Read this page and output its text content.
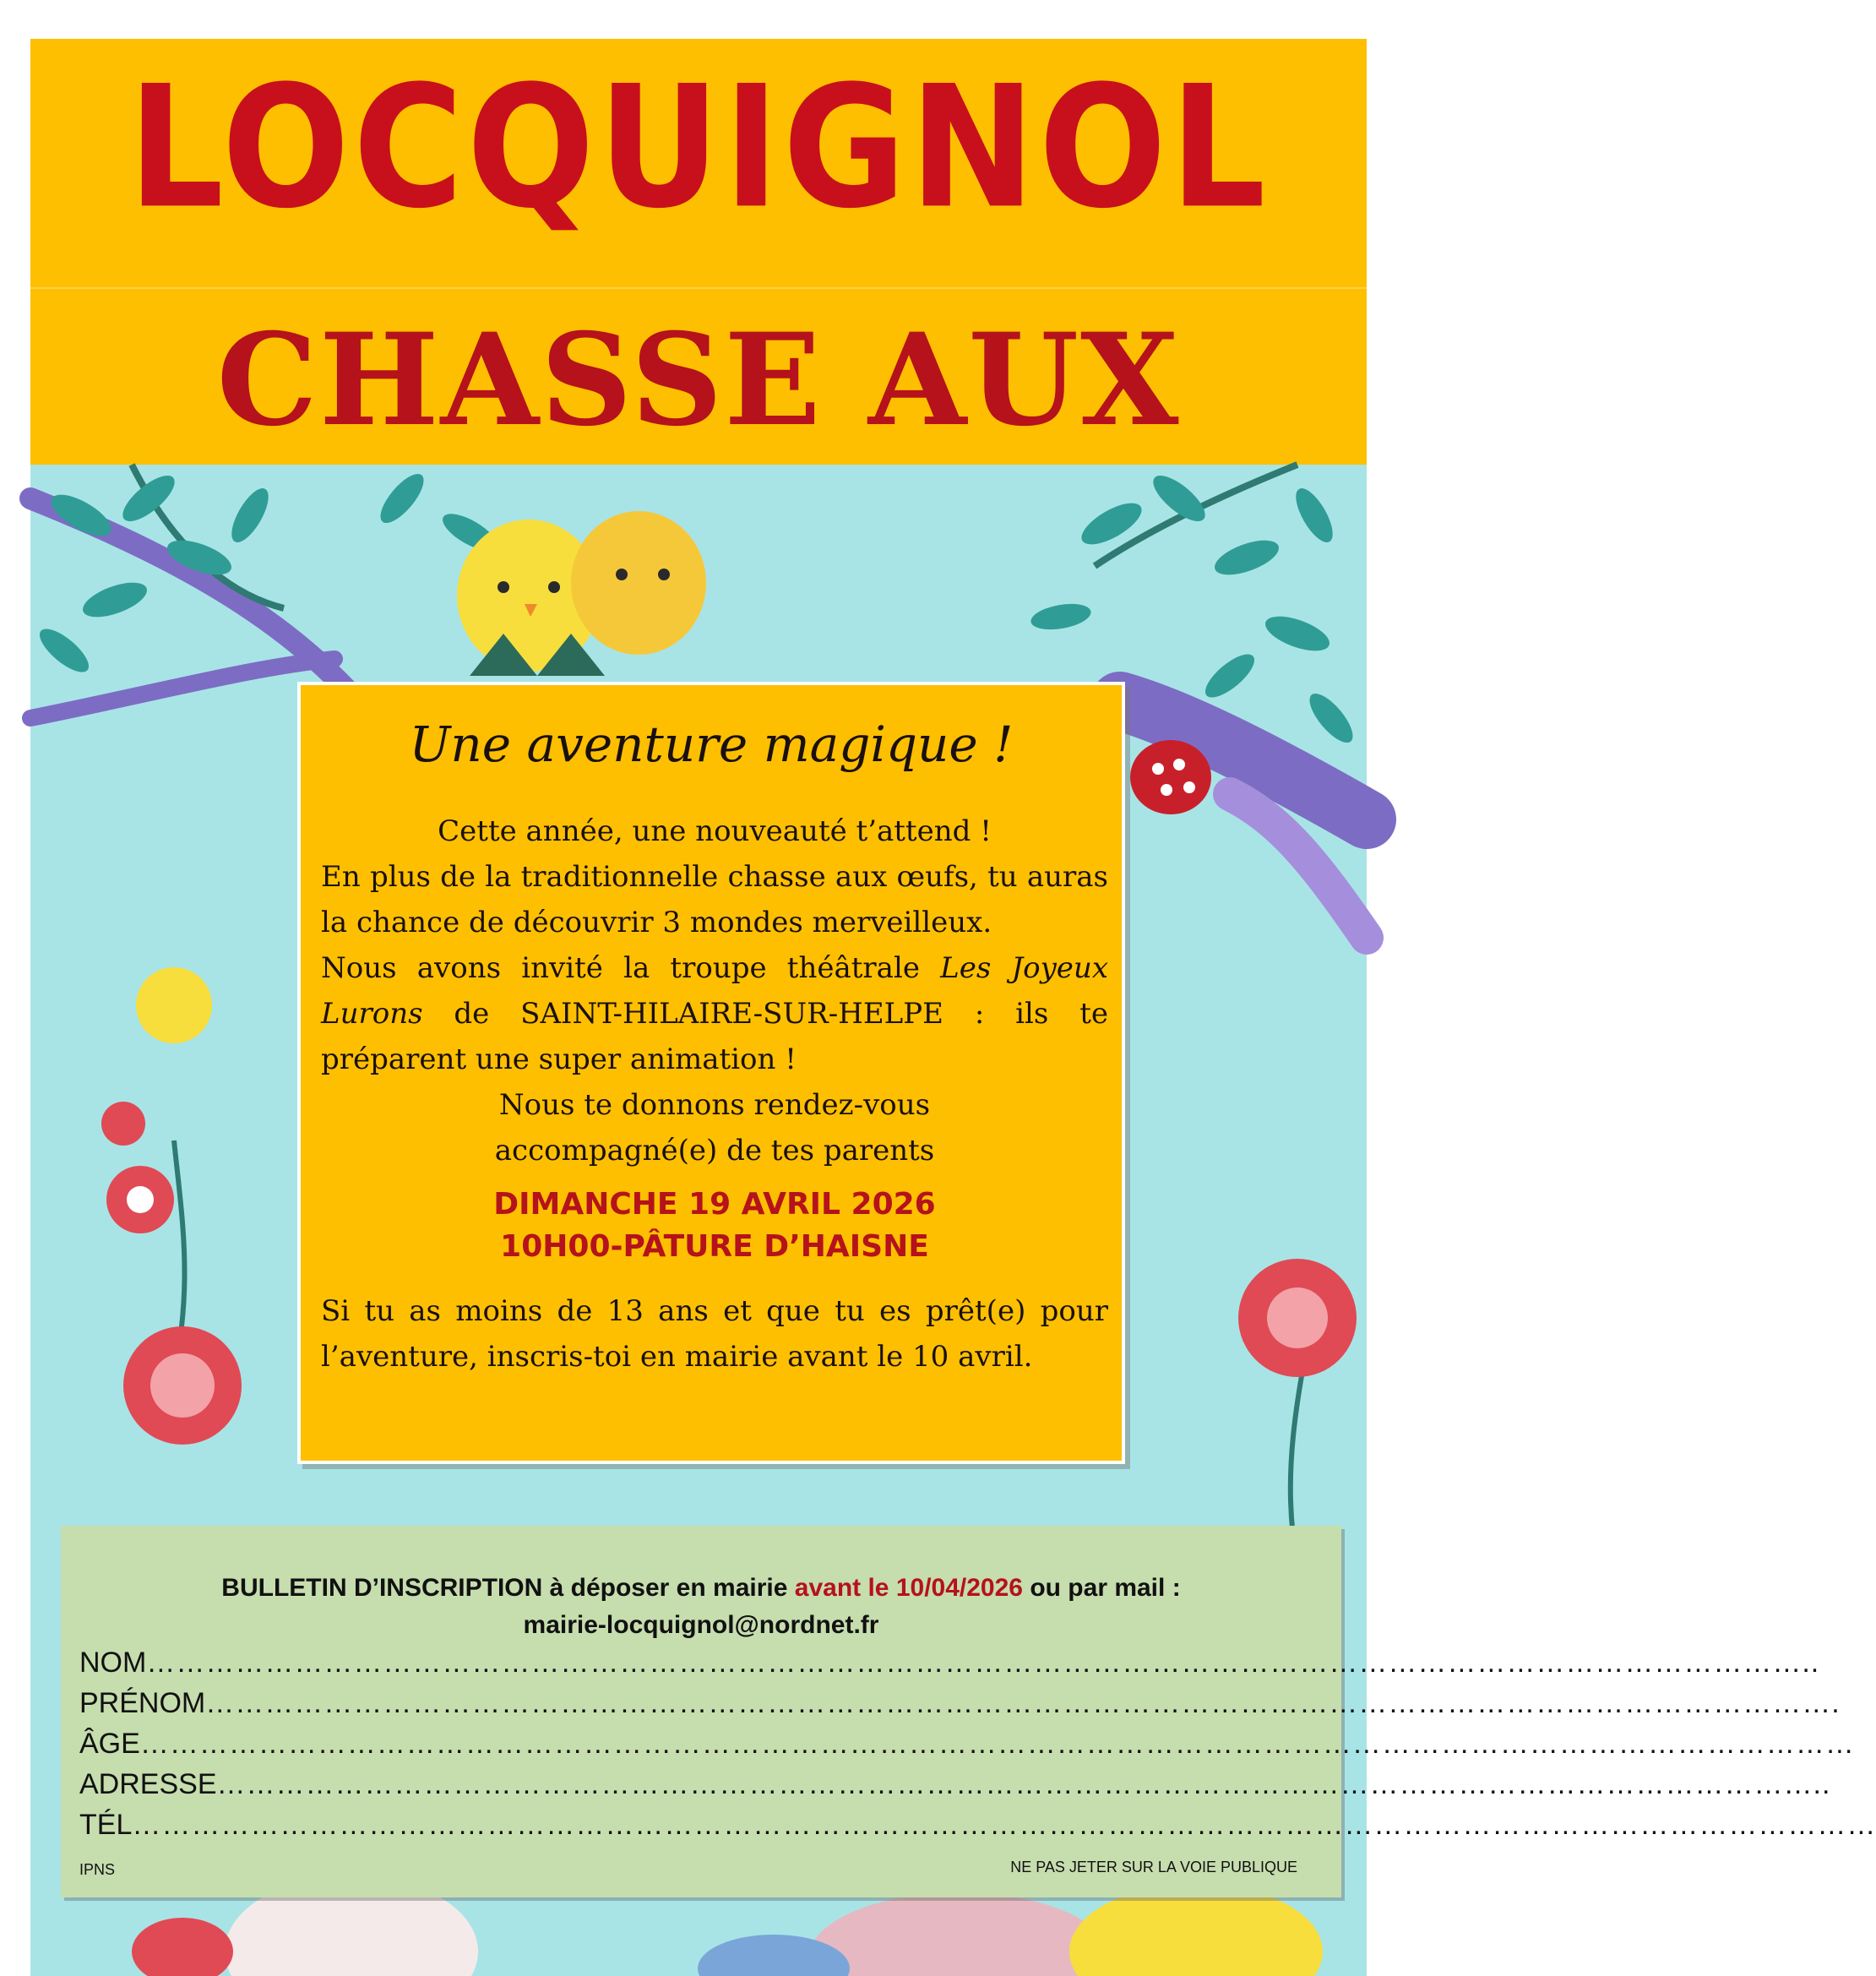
LOCQUIGNOL
CHASSE AUX
Une aventure magique !

Cette année, une nouveauté t’attend !

En plus de la traditionnelle chasse aux œufs, tu auras la chance de découvrir 3 mondes merveilleux.

Nous avons invité la troupe théâtrale Les Joyeux Lurons de SAINT-HILAIRE-SUR-HELPE : ils te préparent une super animation !

Nous te donnons rendez-vous

accompagné(e) de tes parents

DIMANCHE 19 AVRIL 2026

10H00-PÂTURE D’HAISNE

Si tu as moins de 13 ans et que tu es prêt(e) pour l’aventure, inscris-toi en mairie avant le 10 avril.

BULLETIN D’INSCRIPTION à déposer en mairie avant le 10/04/2026 ou par mail :
mairie-locquignol@nordnet.fr
NOM……………………………………………………………………………………………………………………………………………………..
PRÉNOM………………………………………………………………………………………………………………………………………………….
ÂGE…………………………………………………………………………………………………………………………………………………………
ADRESSE………………………………………………………………………………………………………………………………………………..
TÉL……………………………………………………………………………………………………………………………………………………………
IPNS	NE PAS JETER SUR LA VOIE PUBLIQUE
